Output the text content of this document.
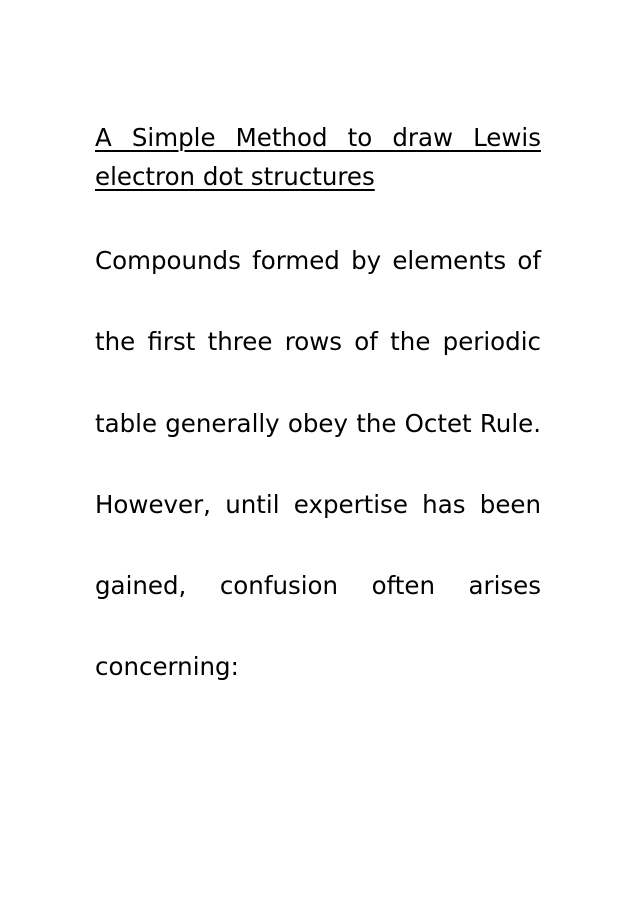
A Simple Method to draw Lewis electron dot structures

Compounds formed by elements of

the first three rows of the periodic

table generally obey the Octet Rule.

However, until expertise has been

gained, confusion often arises

concerning:
